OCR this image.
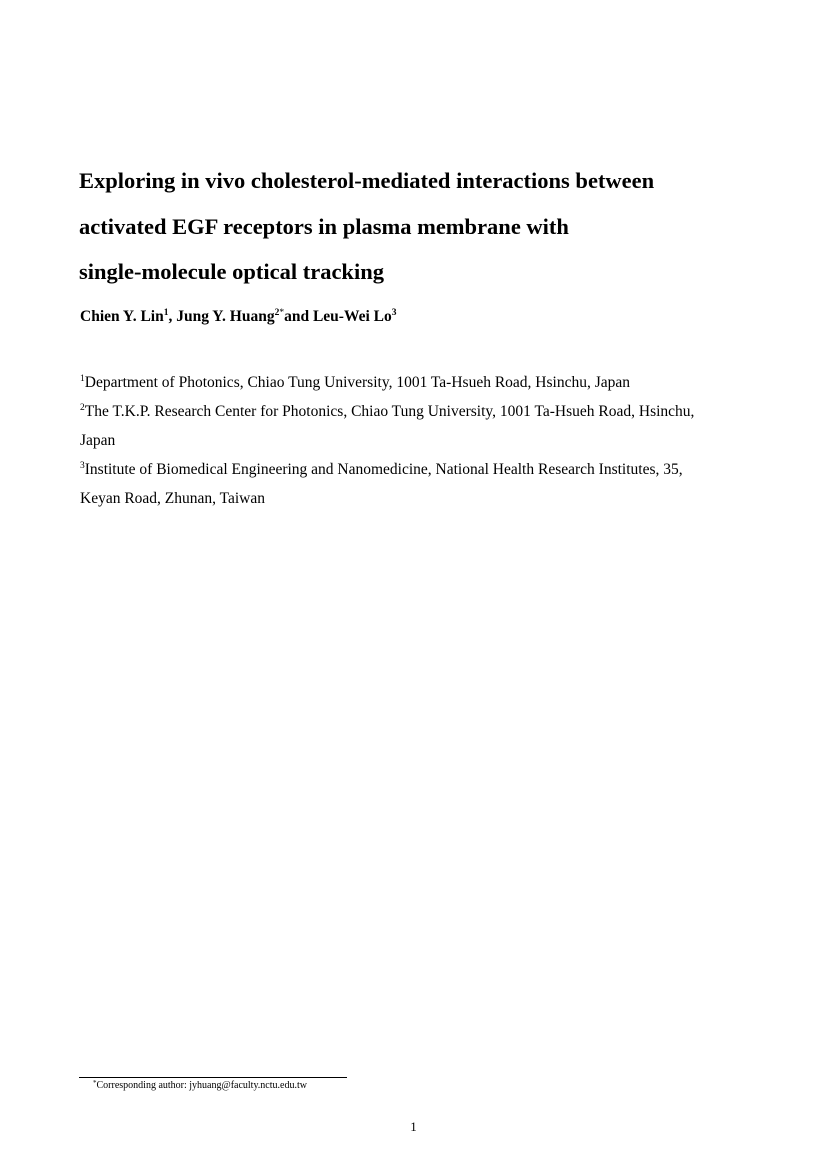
Exploring in vivo cholesterol-mediated interactions between
activated EGF receptors in plasma membrane with
single-molecule optical tracking

Chien Y. Lin$^1$, Jung Y. Huang$^{2*}$and Leu-Wei Lo$^3$

$^1$Department of Photonics, Chiao Tung University, 1001 Ta-Hsueh Road, Hsinchu, Japan
$^2$The T.K.P. Research Center for Photonics, Chiao Tung University, 1001 Ta-Hsueh Road, Hsinchu,
Japan
$^3$Institute of Biomedical Engineering and Nanomedicine, National Health Research Institutes, 35,
Keyan Road, Zhunan, Taiwan
*Corresponding author: jyhuang@faculty.nctu.edu.tw
1
